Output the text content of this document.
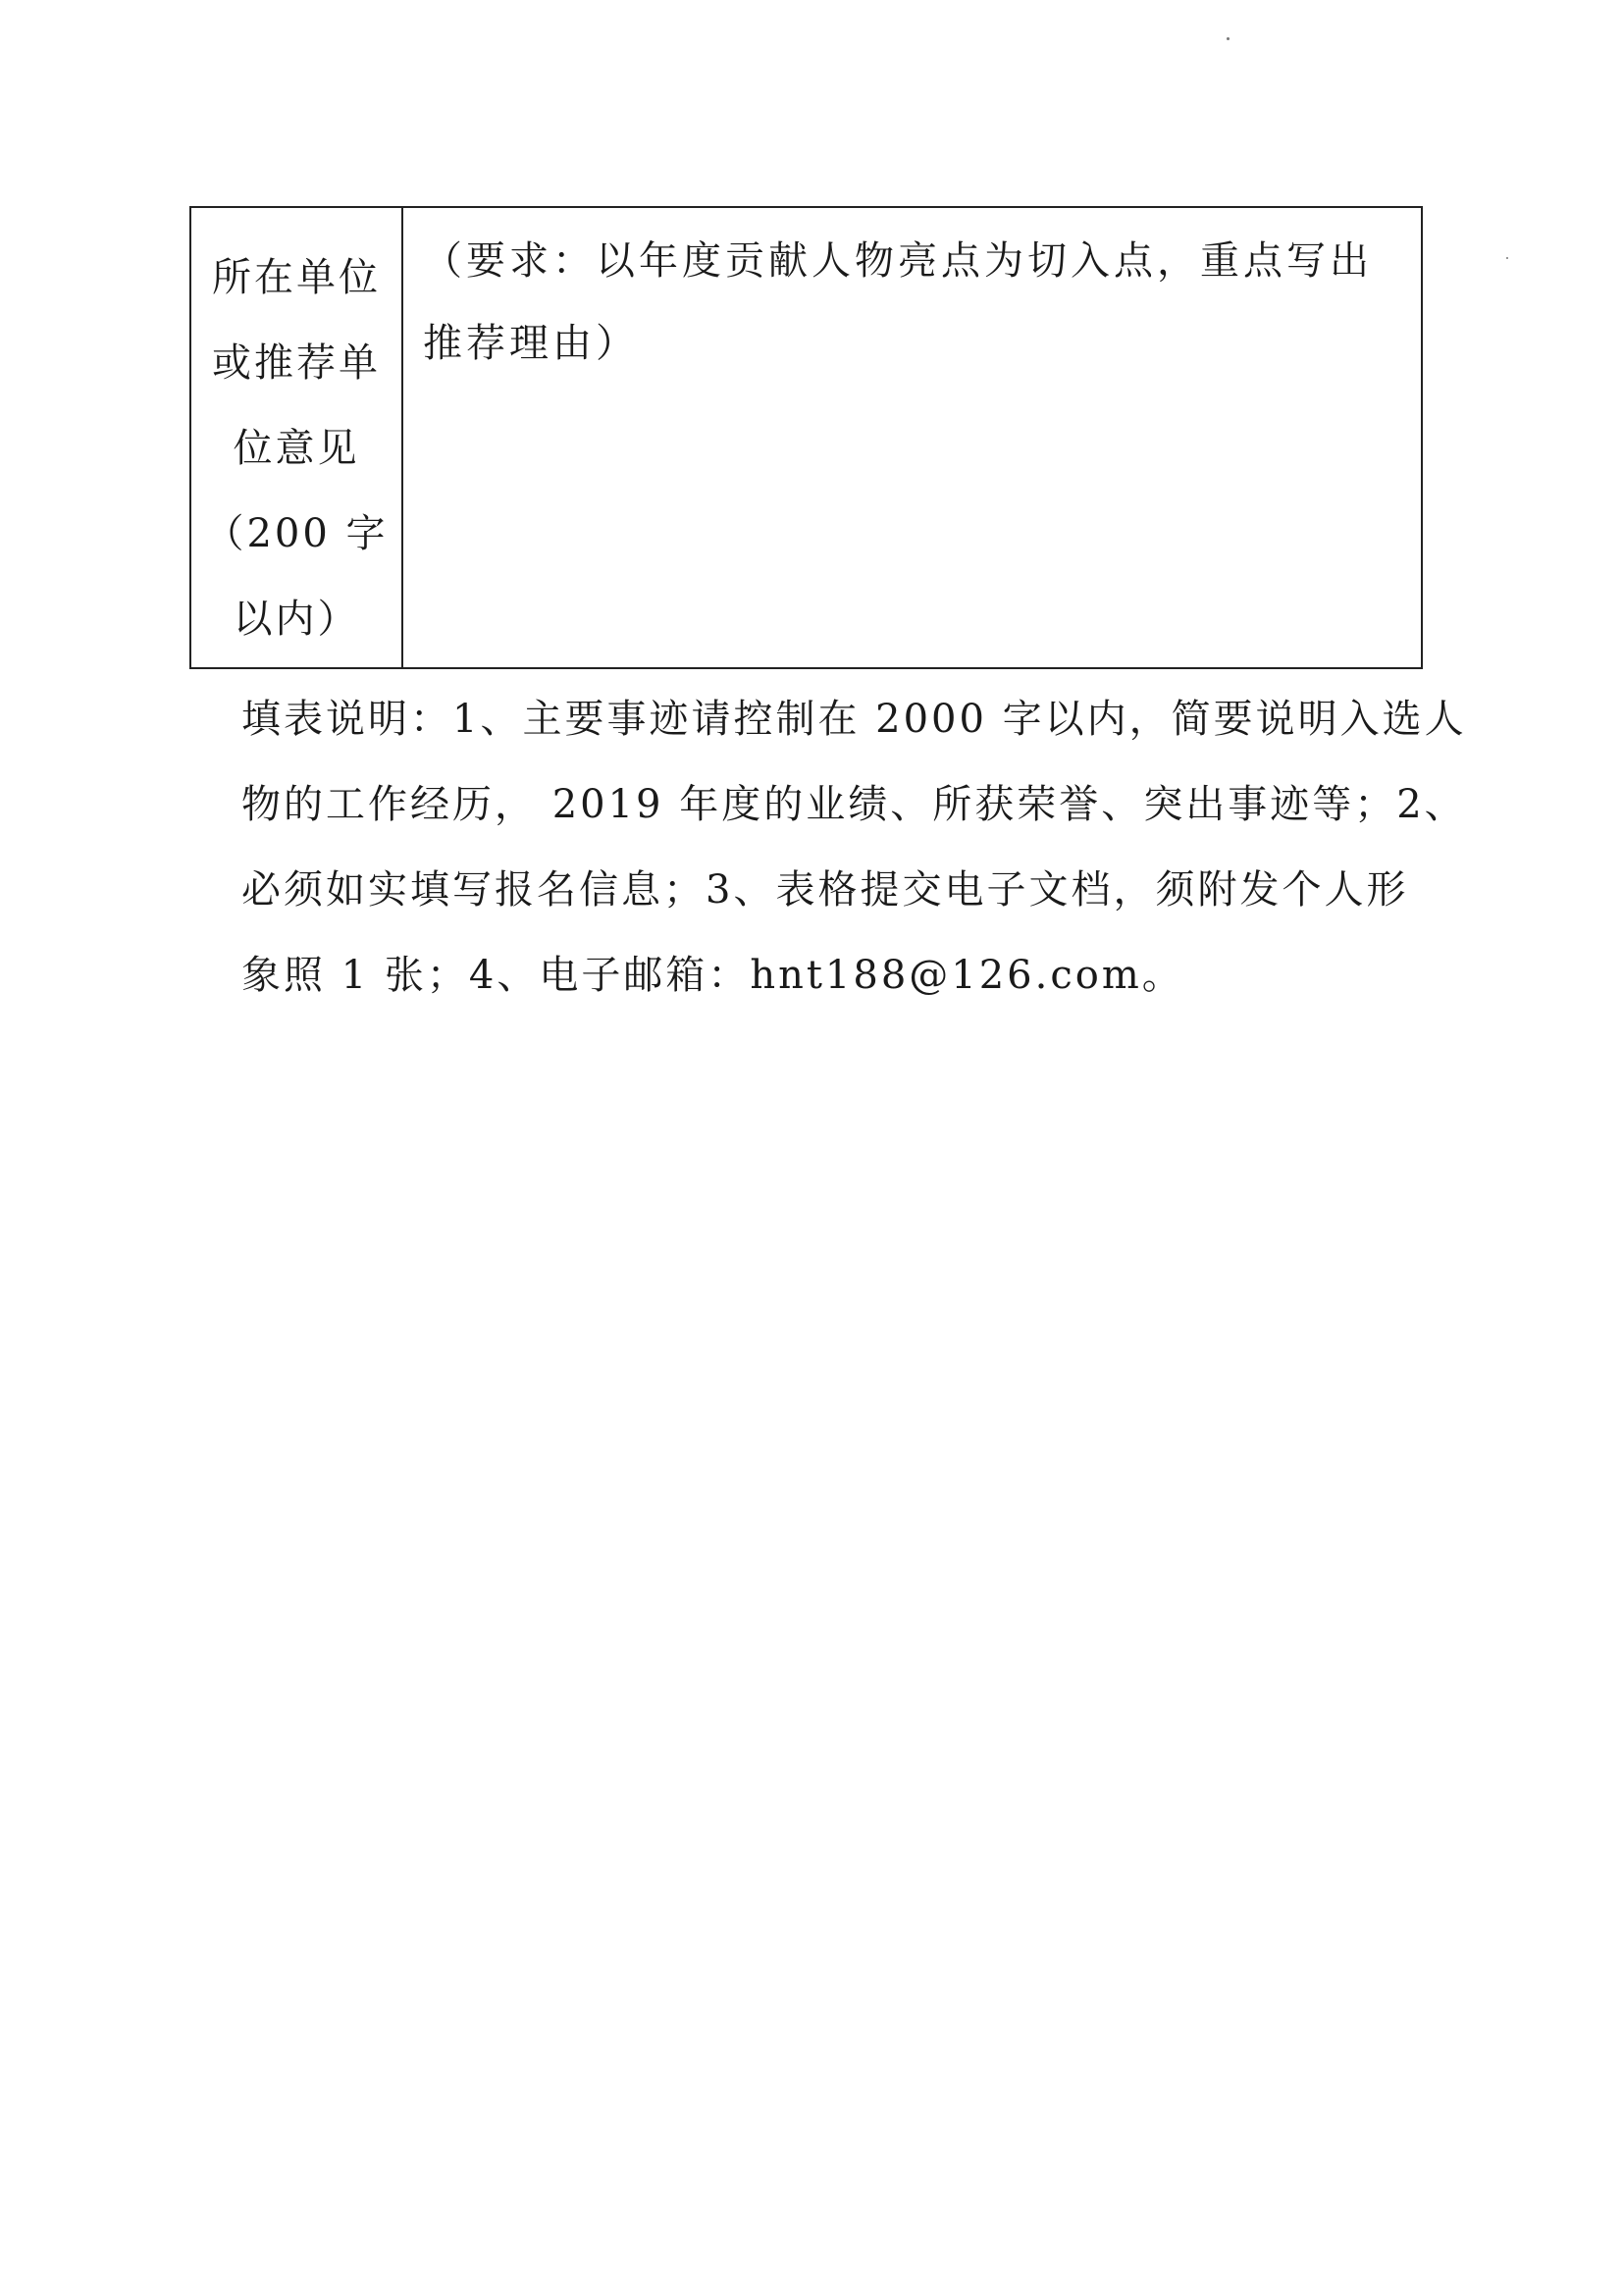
所在单位
或推荐单
位意见
（200 字
以内）

（要求：以年度贡献人物亮点为切入点，重点写出推荐理由）

填表说明：1、主要事迹请控制在 2000 字以内，简要说明入选人

物的工作经历， 2019 年度的业绩、所获荣誉、突出事迹等；2、

必须如实填写报名信息；3、表格提交电子文档，须附发个人形

象照 1 张；4、电子邮箱：hnt188@126.com。
